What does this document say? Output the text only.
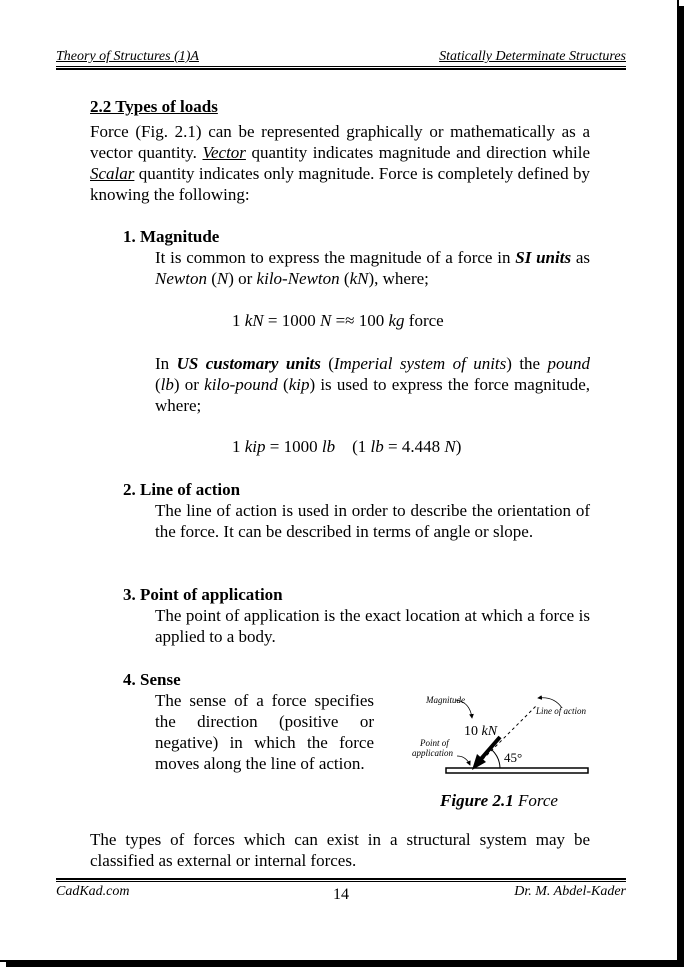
Theory of Structures (1)A	Statically Determinate Structures
2.2 Types of loads

Force (Fig. 2.1) can be represented graphically or mathematically as a vector quantity. Vector quantity indicates magnitude and direction while Scalar quantity indicates only magnitude. Force is completely defined by knowing the following:

1. Magnitude

It is common to express the magnitude of a force in SI units as Newton (N) or kilo-Newton (kN), where;

1 kN = 1000 N =≈ 100 kg force

In US customary units (Imperial system of units) the pound (lb) or kilo-pound (kip) is used to express the force magnitude, where;

1 kip = 1000 lb    (1 lb = 4.448 N)
2. Line of action

The line of action is used in order to describe the orientation of the force. It can be described in terms of angle or slope.

3. Point of application

The point of application is the exact location at which a force is applied to a body.

4. Sense

The sense of a force specifies the direction (positive or negative) in which the force moves along the line of action.

Magnitude
Line of action
Point of
application
10 kN
45°
Figure 2.1 Force

The types of forces which can exist in a structural system may be classified as external or internal forces.

CadKad.com	14	Dr. M. Abdel-Kader
